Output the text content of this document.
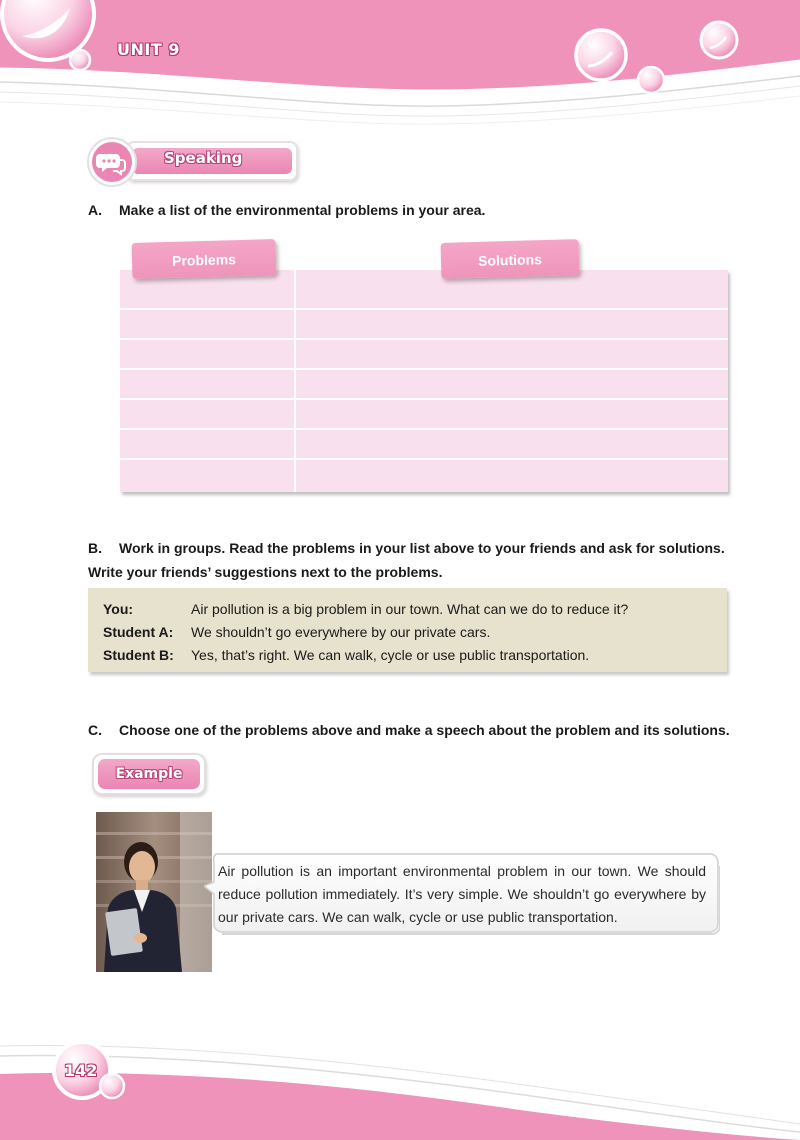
UNIT 9
Speaking
A. Make a list of the environmental problems in your area.
Problems	Solutions
B. Work in groups. Read the problems in your list above to your friends and ask for solutions.
Write your friends’ suggestions next to the problems.
You:	Air pollution is a big problem in our town. What can we do to reduce it?
Student A: We shouldn’t go everywhere by our private cars.
Student B: Yes, that’s right. We can walk, cycle or use public transportation.
C. Choose one of the problems above and make a speech about the problem and its solutions.
Example
Air pollution is an important environmental problem in our town. We should reduce pollution immediately. It’s very simple. We shouldn’t go everywhere by our private cars. We can walk, cycle or use public transportation.
142
